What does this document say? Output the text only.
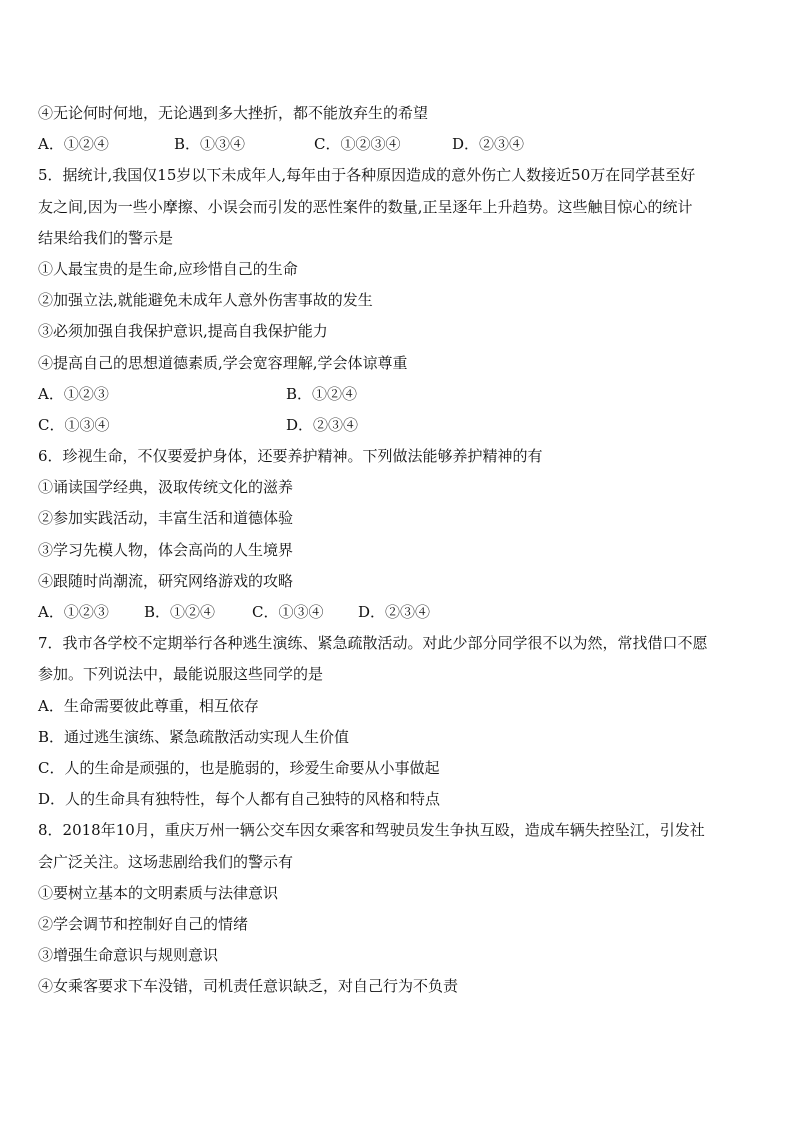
④无论何时何地，无论遇到多大挫折，都不能放弃生的希望
A．①②④	B．①③④	C．①②③④	D．②③④
5．据统计,我国仅15岁以下未成年人,每年由于各种原因造成的意外伤亡人数接近50万在同学甚至好
友之间,因为一些小摩擦、小误会而引发的恶性案件的数量,正呈逐年上升趋势。这些触目惊心的统计
结果给我们的警示是
①人最宝贵的是生命,应珍惜自己的生命
②加强立法,就能避免未成年人意外伤害事故的发生
③必须加强自我保护意识,提高自我保护能力
④提高自己的思想道德素质,学会宽容理解,学会体谅尊重
A．①②③	B．①②④
C．①③④	D．②③④
6．珍视生命，不仅要爱护身体，还要养护精神。下列做法能够养护精神的有
①诵读国学经典，汲取传统文化的滋养
②参加实践活动，丰富生活和道德体验
③学习先模人物，体会高尚的人生境界
④跟随时尚潮流，研究网络游戏的攻略
A．①②③	B．①②④	C．①③④	D．②③④
7．我市各学校不定期举行各种逃生演练、紧急疏散活动。对此少部分同学很不以为然，常找借口不愿
参加。下列说法中，最能说服这些同学的是
A．生命需要彼此尊重，相互依存
B．通过逃生演练、紧急疏散活动实现人生价值
C．人的生命是顽强的，也是脆弱的，珍爱生命要从小事做起
D．人的生命具有独特性，每个人都有自己独特的风格和特点
8．2018年10月，重庆万州一辆公交车因女乘客和驾驶员发生争执互殴，造成车辆失控坠江，引发社
会广泛关注。这场悲剧给我们的警示有
①要树立基本的文明素质与法律意识
②学会调节和控制好自己的情绪
③增强生命意识与规则意识
④女乘客要求下车没错，司机责任意识缺乏，对自己行为不负责
